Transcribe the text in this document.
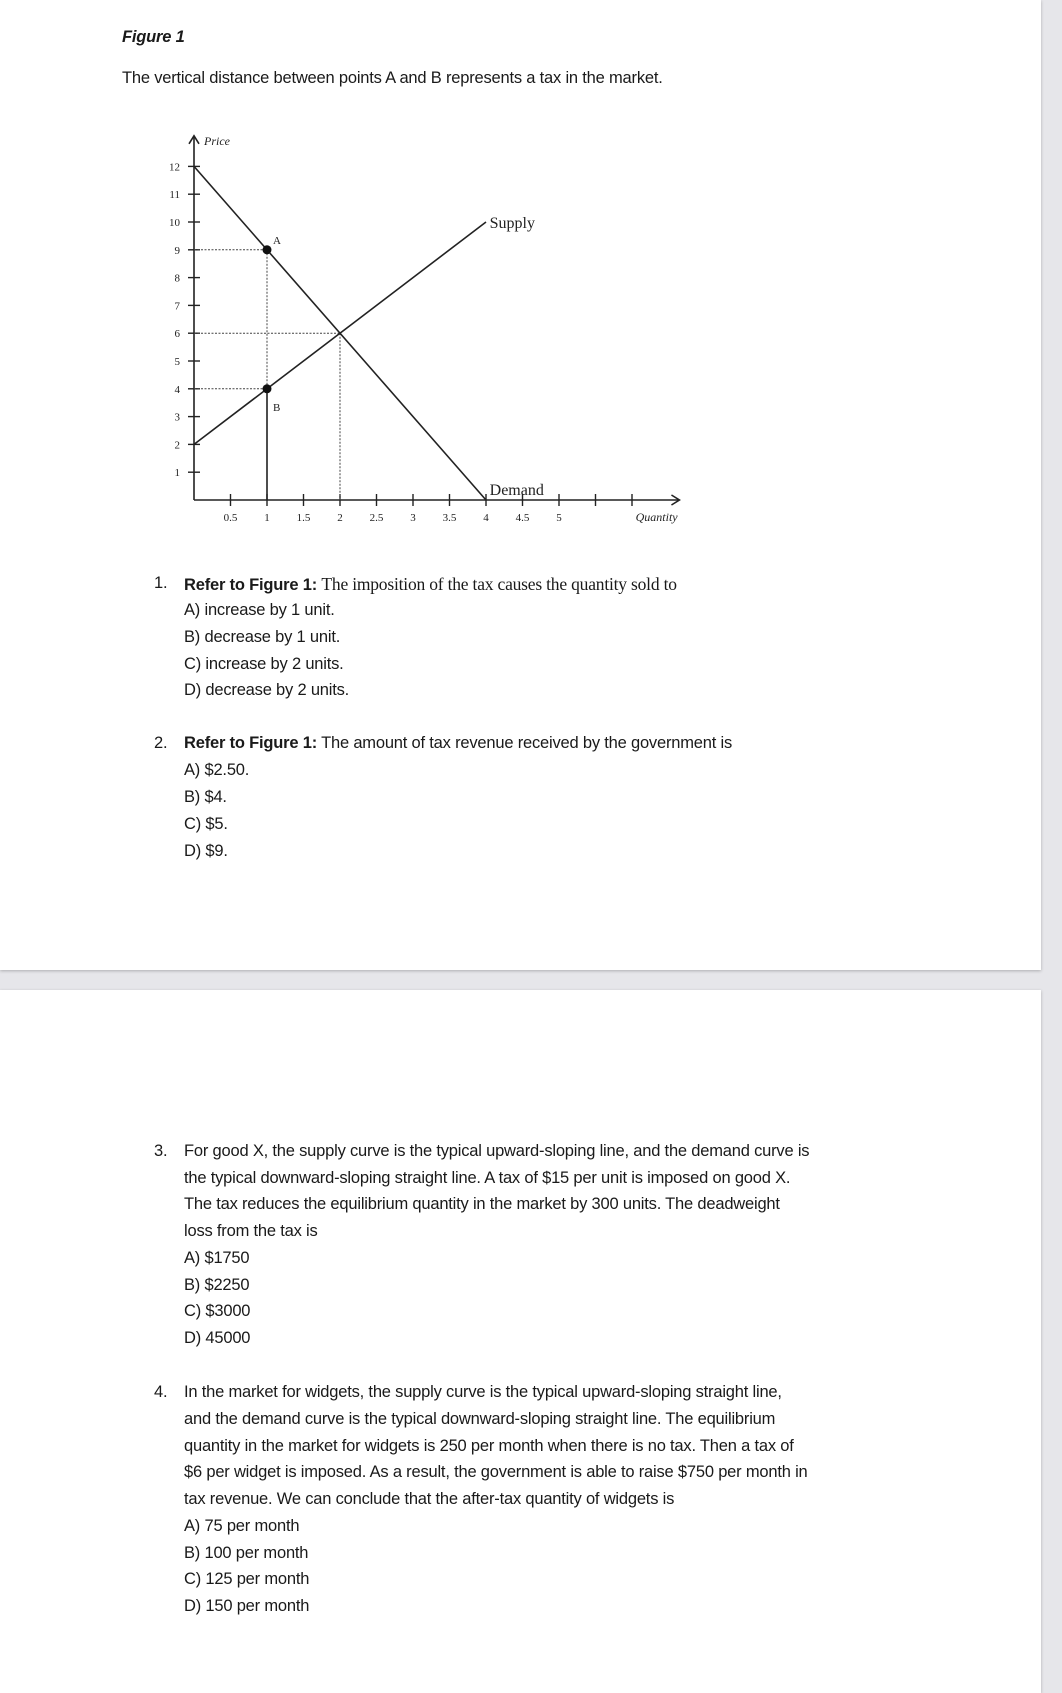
Figure 1
The vertical distance between points A and B represents a tax in the market.
Price
Quantity
1
2
3
4
5
6
7
8
9
10
11
12
0.5 1 1.5 2 2.5 3 3.5 4 4.5 5
Supply
Demand
A
B
1. Refer to Figure 1: The imposition of the tax causes the quantity sold to
A) increase by 1 unit.
B) decrease by 1 unit.
C) increase by 2 units.
D) decrease by 2 units.
2. Refer to Figure 1: The amount of tax revenue received by the government is
A) $2.50.
B) $4.
C) $5.
D) $9.
3. For good X, the supply curve is the typical upward-sloping line, and the demand curve is
the typical downward-sloping straight line. A tax of $15 per unit is imposed on good X.
The tax reduces the equilibrium quantity in the market by 300 units. The deadweight
loss from the tax is
A) $1750
B) $2250
C) $3000
D) 45000
4. In the market for widgets, the supply curve is the typical upward-sloping straight line,
and the demand curve is the typical downward-sloping straight line. The equilibrium
quantity in the market for widgets is 250 per month when there is no tax. Then a tax of
$6 per widget is imposed. As a result, the government is able to raise $750 per month in
tax revenue. We can conclude that the after-tax quantity of widgets is
A) 75 per month
B) 100 per month
C) 125 per month
D) 150 per month
